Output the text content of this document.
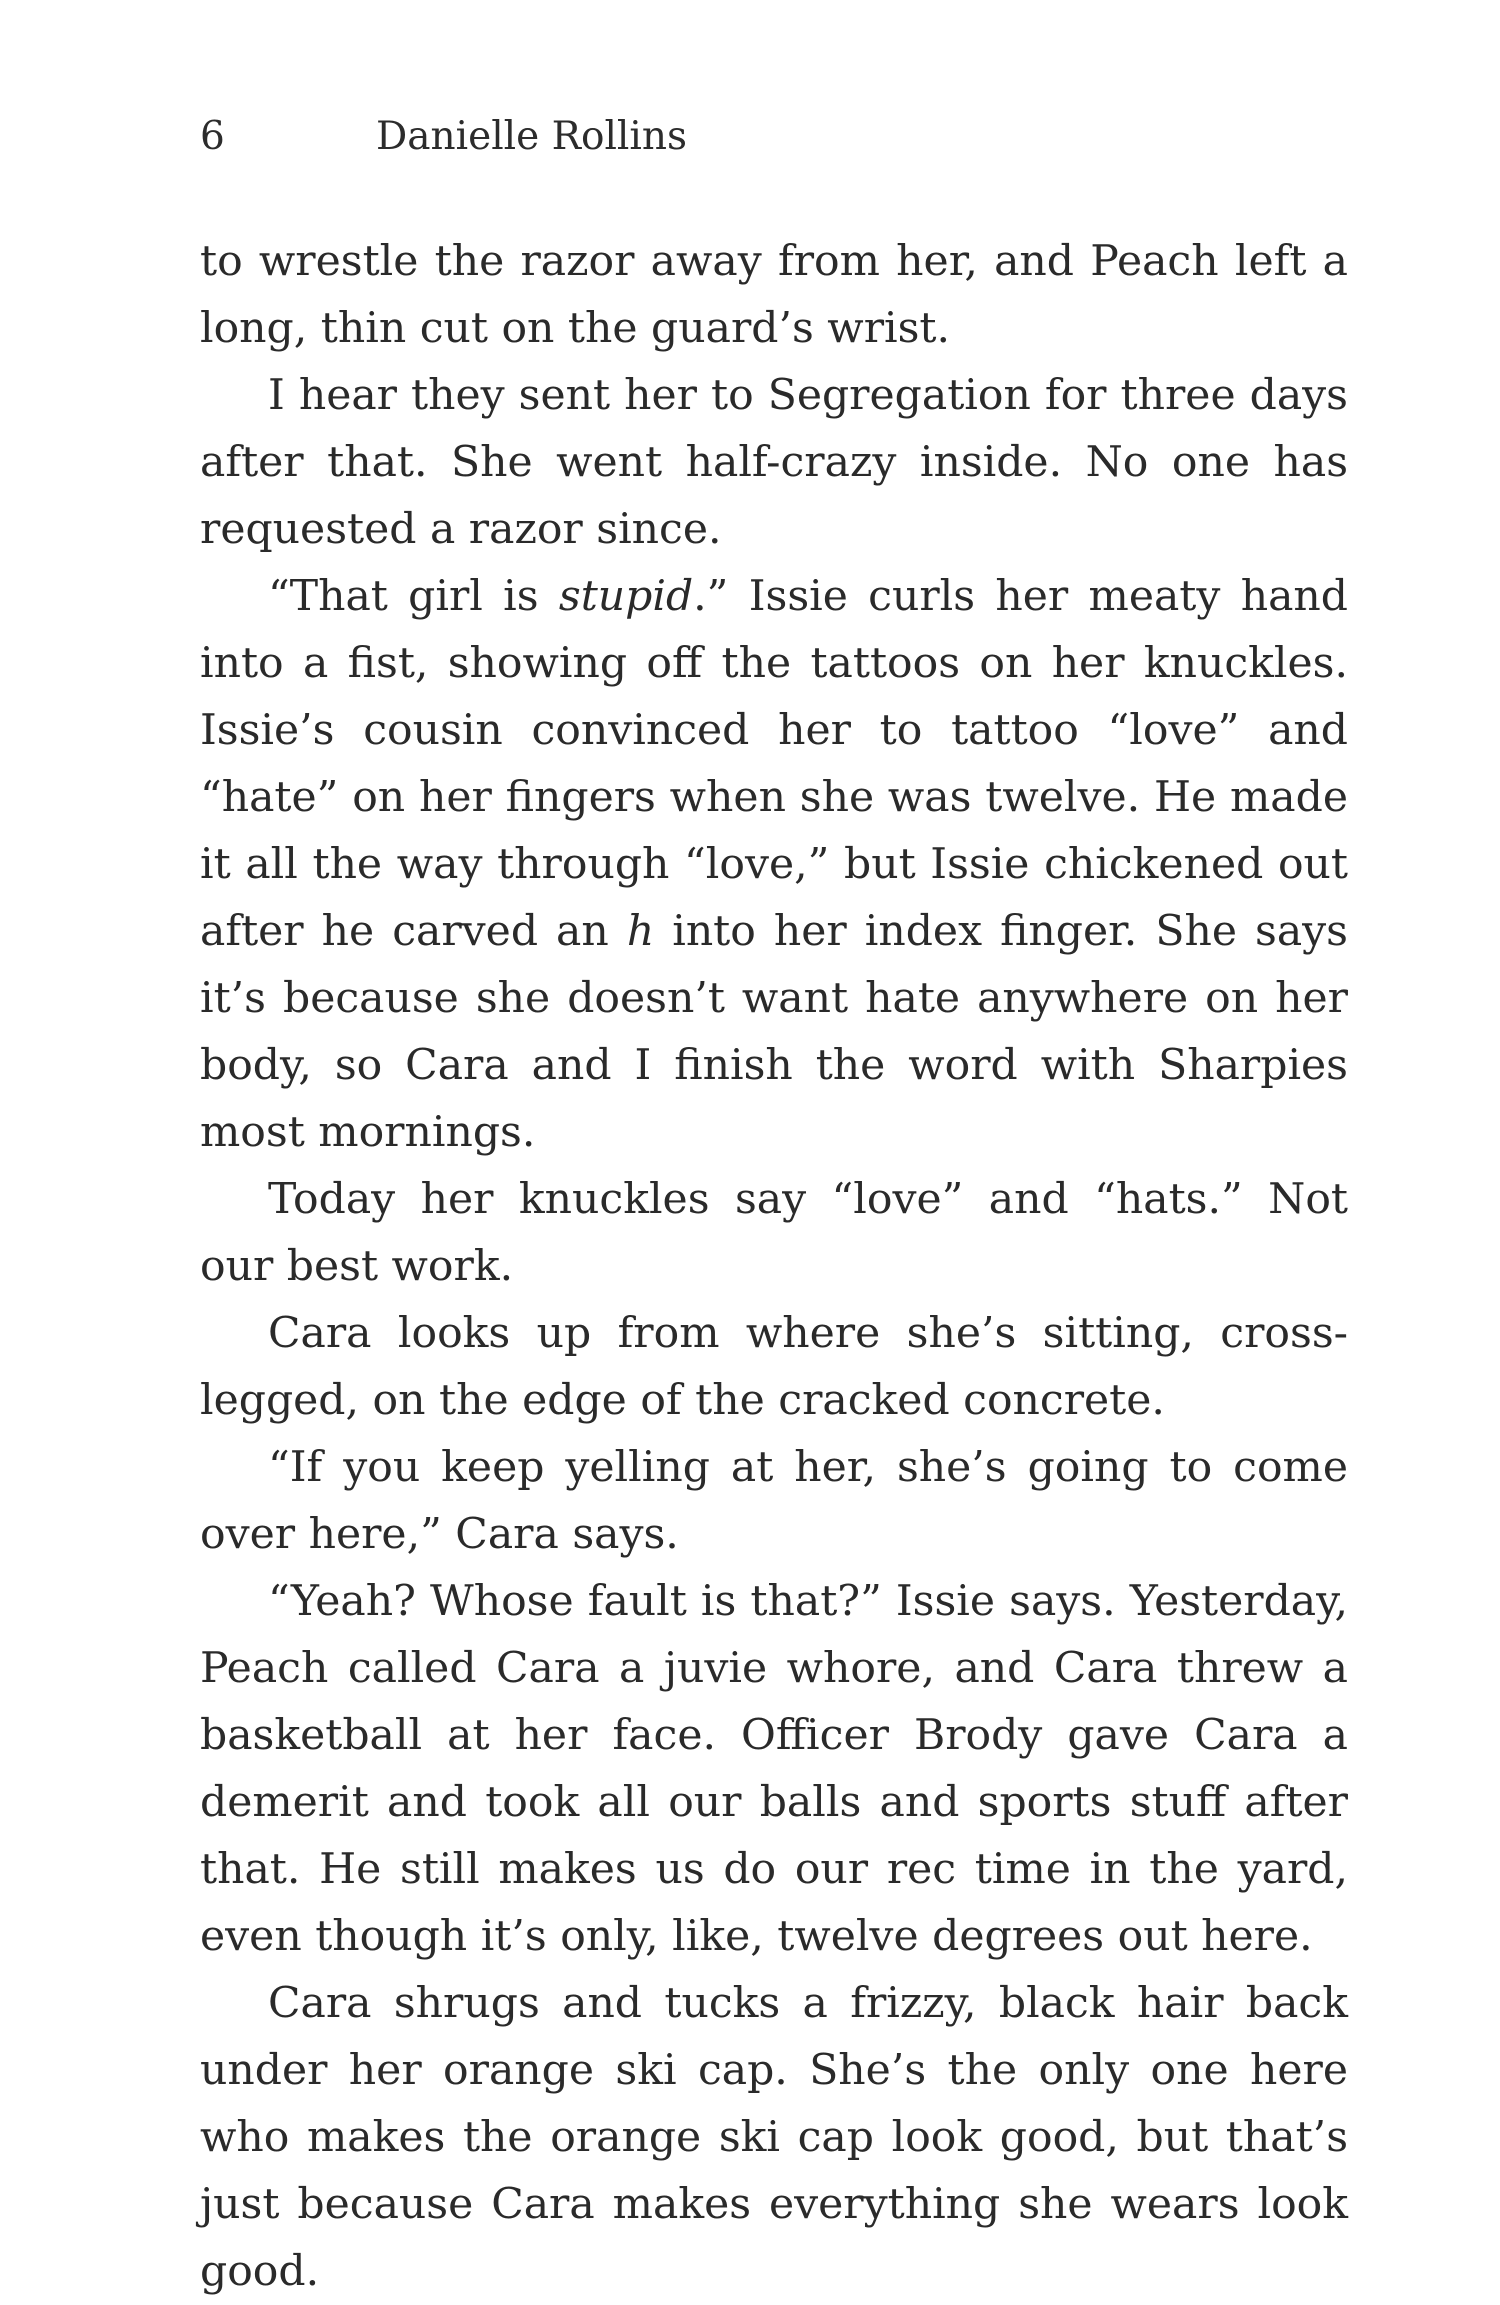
6	Danielle Rollins

to wrestle the razor away from her, and Peach left a long, thin cut on the guard’s wrist.

I hear they sent her to Segregation for three days after that. She went half-crazy inside. No one has requested a razor since.

“That girl is stupid.” Issie curls her meaty hand into a fist, showing off the tattoos on her knuckles. Issie’s cousin convinced her to tattoo “love” and “hate” on her fingers when she was twelve. He made it all the way through “love,” but Issie chickened out after he carved an h into her index finger. She says it’s because she doesn’t want hate anywhere on her body, so Cara and I finish the word with Sharpies most mornings.

Today her knuckles say “love” and “hats.” Not our best work.

Cara looks up from where she’s sitting, cross-legged, on the edge of the cracked concrete.

“If you keep yelling at her, she’s going to come over here,” Cara says.

“Yeah? Whose fault is that?” Issie says. Yesterday, Peach called Cara a juvie whore, and Cara threw a basketball at her face. Officer Brody gave Cara a demerit and took all our balls and sports stuff after that. He still makes us do our rec time in the yard, even though it’s only, like, twelve degrees out here.

Cara shrugs and tucks a frizzy, black hair back under her orange ski cap. She’s the only one here who makes the orange ski cap look good, but that’s just because Cara makes everything she wears look good.
